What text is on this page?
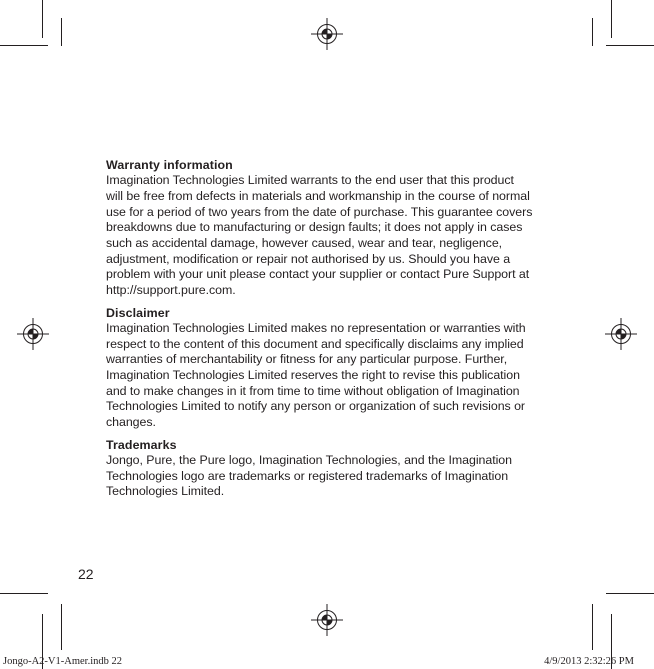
Warranty information

Imagination Technologies Limited warrants to the end user that this product
will be free from defects in materials and workmanship in the course of normal
use for a period of two years from the date of purchase. This guarantee covers
breakdowns due to manufacturing or design faults; it does not apply in cases
such as accidental damage, however caused, wear and tear, negligence,
adjustment, modification or repair not authorised by us. Should you have a
problem with your unit please contact your supplier or contact Pure Support at
http://support.pure.com.

Disclaimer

Imagination Technologies Limited makes no representation or warranties with
respect to the content of this document and specifically disclaims any implied
warranties of merchantability or fitness for any particular purpose. Further,
Imagination Technologies Limited reserves the right to revise this publication
and to make changes in it from time to time without obligation of Imagination
Technologies Limited to notify any person or organization of such revisions or
changes.

Trademarks

Jongo, Pure, the Pure logo, Imagination Technologies, and the Imagination
Technologies logo are trademarks or registered trademarks of Imagination
Technologies Limited.

22
Jongo-A2-V1-Amer.indb 22	4/9/2013 2:32:26 PM
